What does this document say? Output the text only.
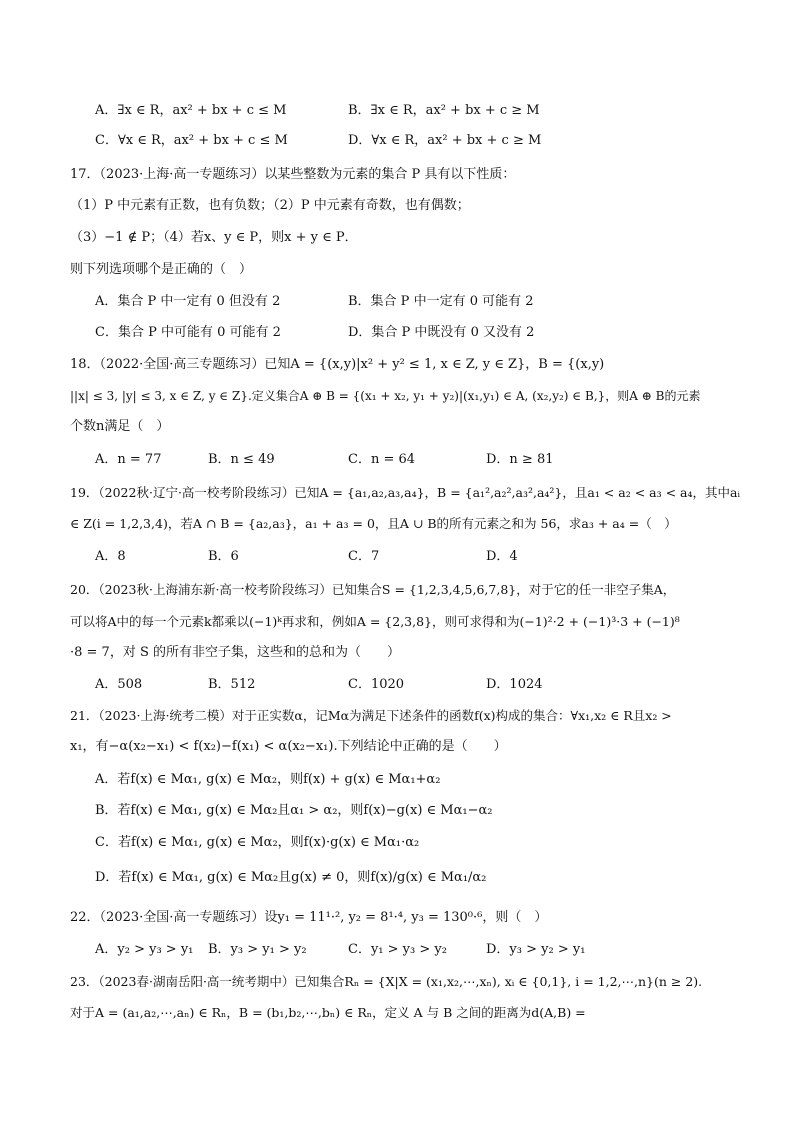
A．∃x ∈ R，ax² + bx + c ≤ M	B．∃x ∈ R，ax² + bx + c ≥ M
C．∀x ∈ R，ax² + bx + c ≤ M	D．∀x ∈ R，ax² + bx + c ≥ M
17．（2023·上海·高一专题练习）以某些整数为元素的集合 P 具有以下性质：
（1）P 中元素有正数，也有负数；（2）P 中元素有奇数，也有偶数；
（3）−1 ∉ P；（4）若x、y ∈ P，则x + y ∈ P．
则下列选项哪个是正确的（　）
A．集合 P 中一定有 0 但没有 2	B．集合 P 中一定有 0 可能有 2
C．集合 P 中可能有 0 可能有 2	D．集合 P 中既没有 0 又没有 2
18．（2022·全国·高三专题练习）已知A = {(x,y)|x² + y² ≤ 1, x ∈ Z, y ∈ Z}，B = {(x,y)
||x| ≤ 3, |y| ≤ 3, x ∈ Z, y ∈ Z}.定义集合A ⊕ B = {(x₁ + x₂, y₁ + y₂)|(x₁,y₁) ∈ A, (x₂,y₂) ∈ B,}，则A ⊕ B的元素
个数n满足（　）
A．n = 77	B．n ≤ 49	C．n = 64	D．n ≥ 81
19．（2022秋·辽宁·高一校考阶段练习）已知A = {a₁,a₂,a₃,a₄}，B = {a₁²,a₂²,a₃²,a₄²}，且a₁ < a₂ < a₃ < a₄，其中aᵢ
∈ Z(i = 1,2,3,4)，若A ∩ B = {a₂,a₃}，a₁ + a₃ = 0，且A ∪ B的所有元素之和为 56，求a₃ + a₄ =（　）
A．8	B．6	C．7	D．4
20．（2023秋·上海浦东新·高一校考阶段练习）已知集合S = {1,2,3,4,5,6,7,8}，对于它的任一非空子集A，
可以将A中的每一个元素k都乘以(−1)ᵏ再求和，例如A = {2,3,8}，则可求得和为(−1)²·2 + (−1)³·3 + (−1)⁸
·8 = 7，对 S 的所有非空子集，这些和的总和为（　　）
A．508	B．512	C．1020	D．1024
21．（2023·上海·统考二模）对于正实数α，记Mα为满足下述条件的函数f(x)构成的集合：∀x₁,x₂ ∈ R且x₂ >
x₁，有−α(x₂−x₁) < f(x₂)−f(x₁) < α(x₂−x₁).下列结论中正确的是（　　）
A．若f(x) ∈ Mα₁, g(x) ∈ Mα₂，则f(x) + g(x) ∈ Mα₁+α₂
B．若f(x) ∈ Mα₁, g(x) ∈ Mα₂且α₁ > α₂，则f(x)−g(x) ∈ Mα₁−α₂
C．若f(x) ∈ Mα₁, g(x) ∈ Mα₂，则f(x)·g(x) ∈ Mα₁·α₂
D．若f(x) ∈ Mα₁, g(x) ∈ Mα₂且g(x) ≠ 0，则f(x)/g(x) ∈ Mα₁/α₂
22．（2023·全国·高一专题练习）设y₁ = 11¹·², y₂ = 8¹·⁴, y₃ = 130⁰·⁶，则（　）
A．y₂ > y₃ > y₁ B．y₃ > y₁ > y₂	C．y₁ > y₃ > y₂	D．y₃ > y₂ > y₁
23．（2023春·湖南岳阳·高一统考期中）已知集合Rₙ = {X|X = (x₁,x₂,⋯,xₙ), xᵢ ∈ {0,1}, i = 1,2,⋯,n}(n ≥ 2).
对于A = (a₁,a₂,⋯,aₙ) ∈ Rₙ，B = (b₁,b₂,⋯,bₙ) ∈ Rₙ，定义 A 与 B 之间的距离为d(A,B) =
